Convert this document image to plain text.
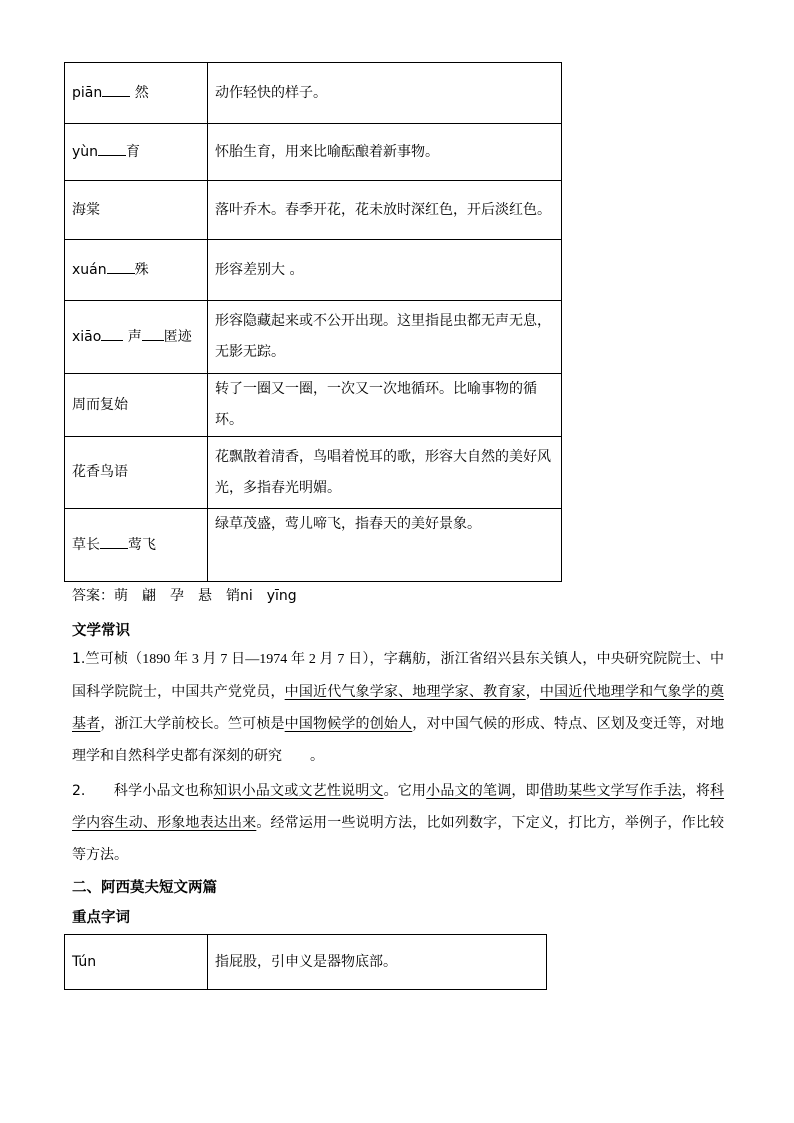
piān 然	动作轻快的样子。
yùn 育	怀胎生育，用来比喻酝酿着新事物。
海棠	落叶乔木。春季开花，花未放时深红色，开后淡红色。
xuán 殊	形容差别大 。
xiāo 声 匿迹	形容隐藏起来或不公开出现。这里指昆虫都无声无息，无影无踪。
周而复始	转了一圈又一圈，一次又一次地循环。比喻事物的循环。
花香鸟语	花飘散着清香，鸟唱着悦耳的歌，形容大自然的美好风光，多指春光明媚。
草长 莺飞	绿草茂盛，莺儿啼飞，指春天的美好景象。
答案：萌　翩　孕　悬　销ni　yīng
文学常识
1.竺可桢（1890 年 3 月 7 日—1974 年 2 月 7 日），字藕舫，浙江省绍兴县东关镇人，中央研究院院士、中国科学院院士，中国共产党党员，中国近代气象学家、地理学家、教育家，中国近代地理学和气象学的奠基者，浙江大学前校长。竺可桢是中国物候学的创始人，对中国气候的形成、特点、区划及变迁等，对地理学和自然科学史都有深刻的研究　　。
2.　　科学小品文也称知识小品文或文艺性说明文。它用小品文的笔调，即借助某些文学写作手法，将科学内容生动、形象地表达出来。经常运用一些说明方法，比如列数字，下定义，打比方，举例子，作比较等方法。
二、阿西莫夫短文两篇
重点字词
Tún	指屁股，引申义是器物底部。
